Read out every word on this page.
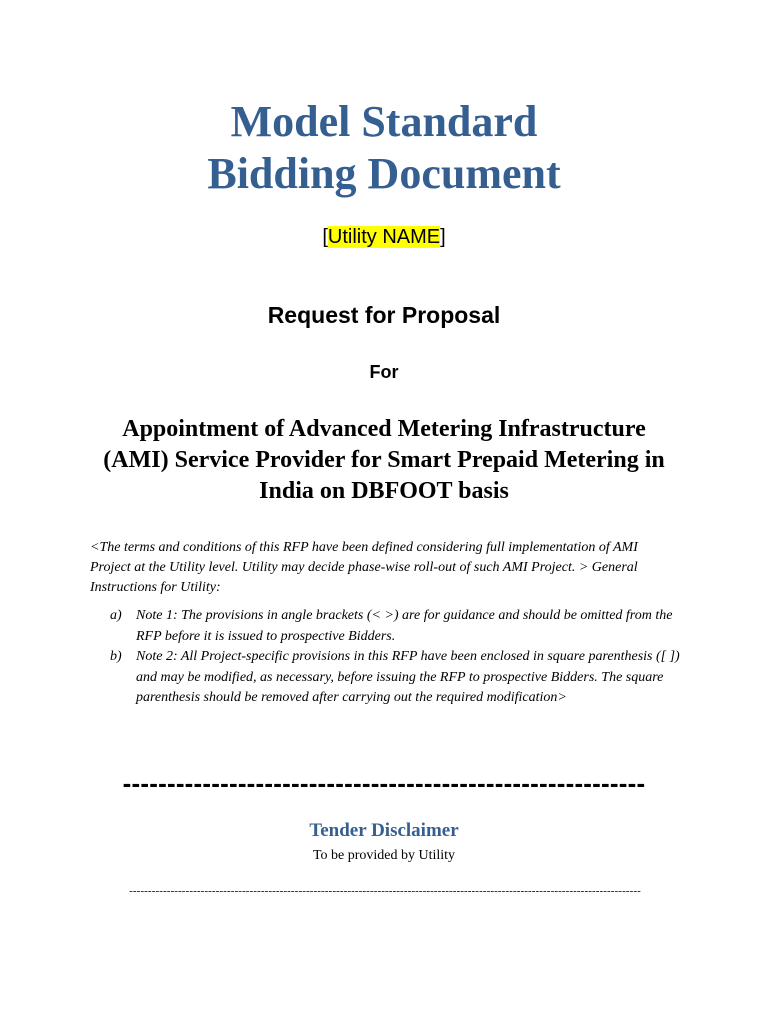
Model Standard
Bidding Document
[Utility NAME]
Request for Proposal
For
Appointment of Advanced Metering Infrastructure (AMI) Service Provider for Smart Prepaid Metering in India on DBFOOT basis
<The terms and conditions of this RFP have been defined considering full implementation of AMI Project at the Utility level. Utility may decide phase-wise roll-out of such AMI Project. > General Instructions for Utility:
a) Note 1: The provisions in angle brackets (< >) are for guidance and should be omitted from the RFP before it is issued to prospective Bidders.
b) Note 2: All Project-specific provisions in this RFP have been enclosed in square parenthesis ([ ]) and may be modified, as necessary, before issuing the RFP to prospective Bidders. The square parenthesis should be removed after carrying out the required modification>
-----------------------------------------------------------
Tender Disclaimer
To be provided by Utility
----------------------------------------------------------------------------------------------------------------------------------------
